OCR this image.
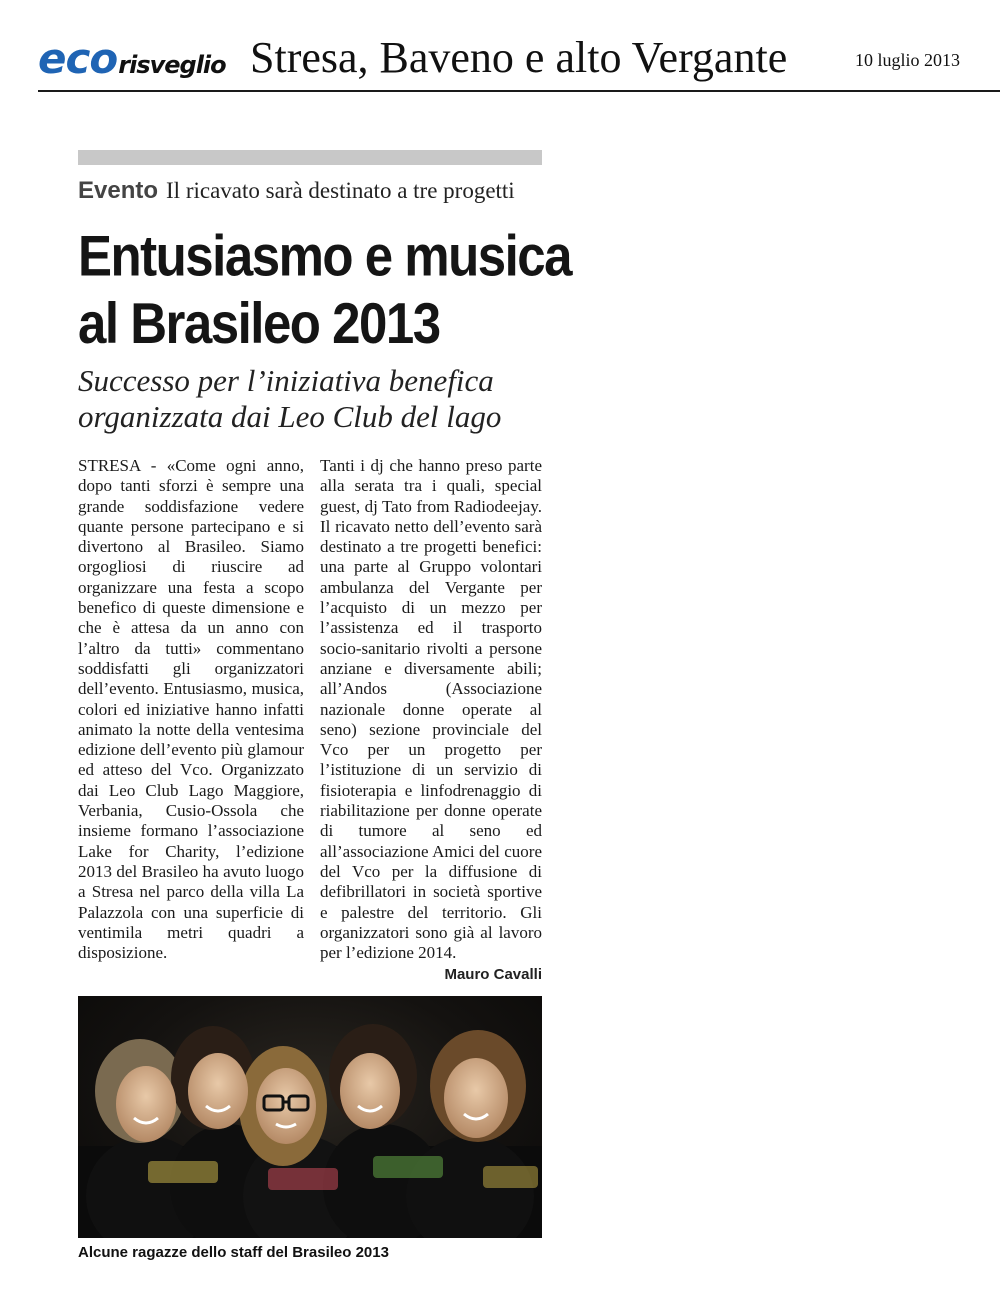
ecorisveglio Stresa, Baveno e alto Vergante	10 luglio 2013
Evento Il ricavato sarà destinato a tre progetti
Entusiasmo e musica
al Brasileo 2013
Successo per l’iniziativa benefica
organizzata dai Leo Club del lago
STRESA - «Come ogni anno, dopo tanti sforzi è sempre una grande soddisfazione vedere quante persone partecipano e si divertono al Brasileo. Siamo orgogliosi di riuscire ad organizzare una festa a scopo benefico di queste dimensione e che è attesa da un anno con l’altro da tutti» commentano soddisfatti gli organizzatori dell’evento. Entusiasmo, musica, colori ed iniziative hanno infatti animato la notte della ventesima edizione dell’evento più glamour ed atteso del Vco. Organizzato dai Leo Club Lago Maggiore, Verbania, Cusio-Ossola che insieme formano l’associazione Lake for Charity, l’edizione 2013 del Brasileo ha avuto luogo a Stresa nel parco della villa La Palazzola con una superficie di ventimila metri quadri a disposizione.
Tanti i dj che hanno preso parte alla serata tra i quali, special guest, dj Tato from Radiodeejay. Il ricavato netto dell’evento sarà destinato a tre progetti benefici: una parte al Gruppo volontari ambulanza del Vergante per l’acquisto di un mezzo per l’assistenza ed il trasporto socio-sanitario rivolti a persone anziane e diversamente abili; all’Andos (Associazione nazionale donne operate al seno) sezione provinciale del Vco per un progetto per l’istituzione di un servizio di fisioterapia e linfodrenaggio di riabilitazione per donne operate di tumore al seno ed all’associazione Amici del cuore del Vco per la diffusione di defibrillatori in società sportive e palestre del territorio. Gli organizzatori sono già al lavoro per l’edizione 2014.
Mauro Cavalli
Alcune ragazze dello staff del Brasileo 2013
